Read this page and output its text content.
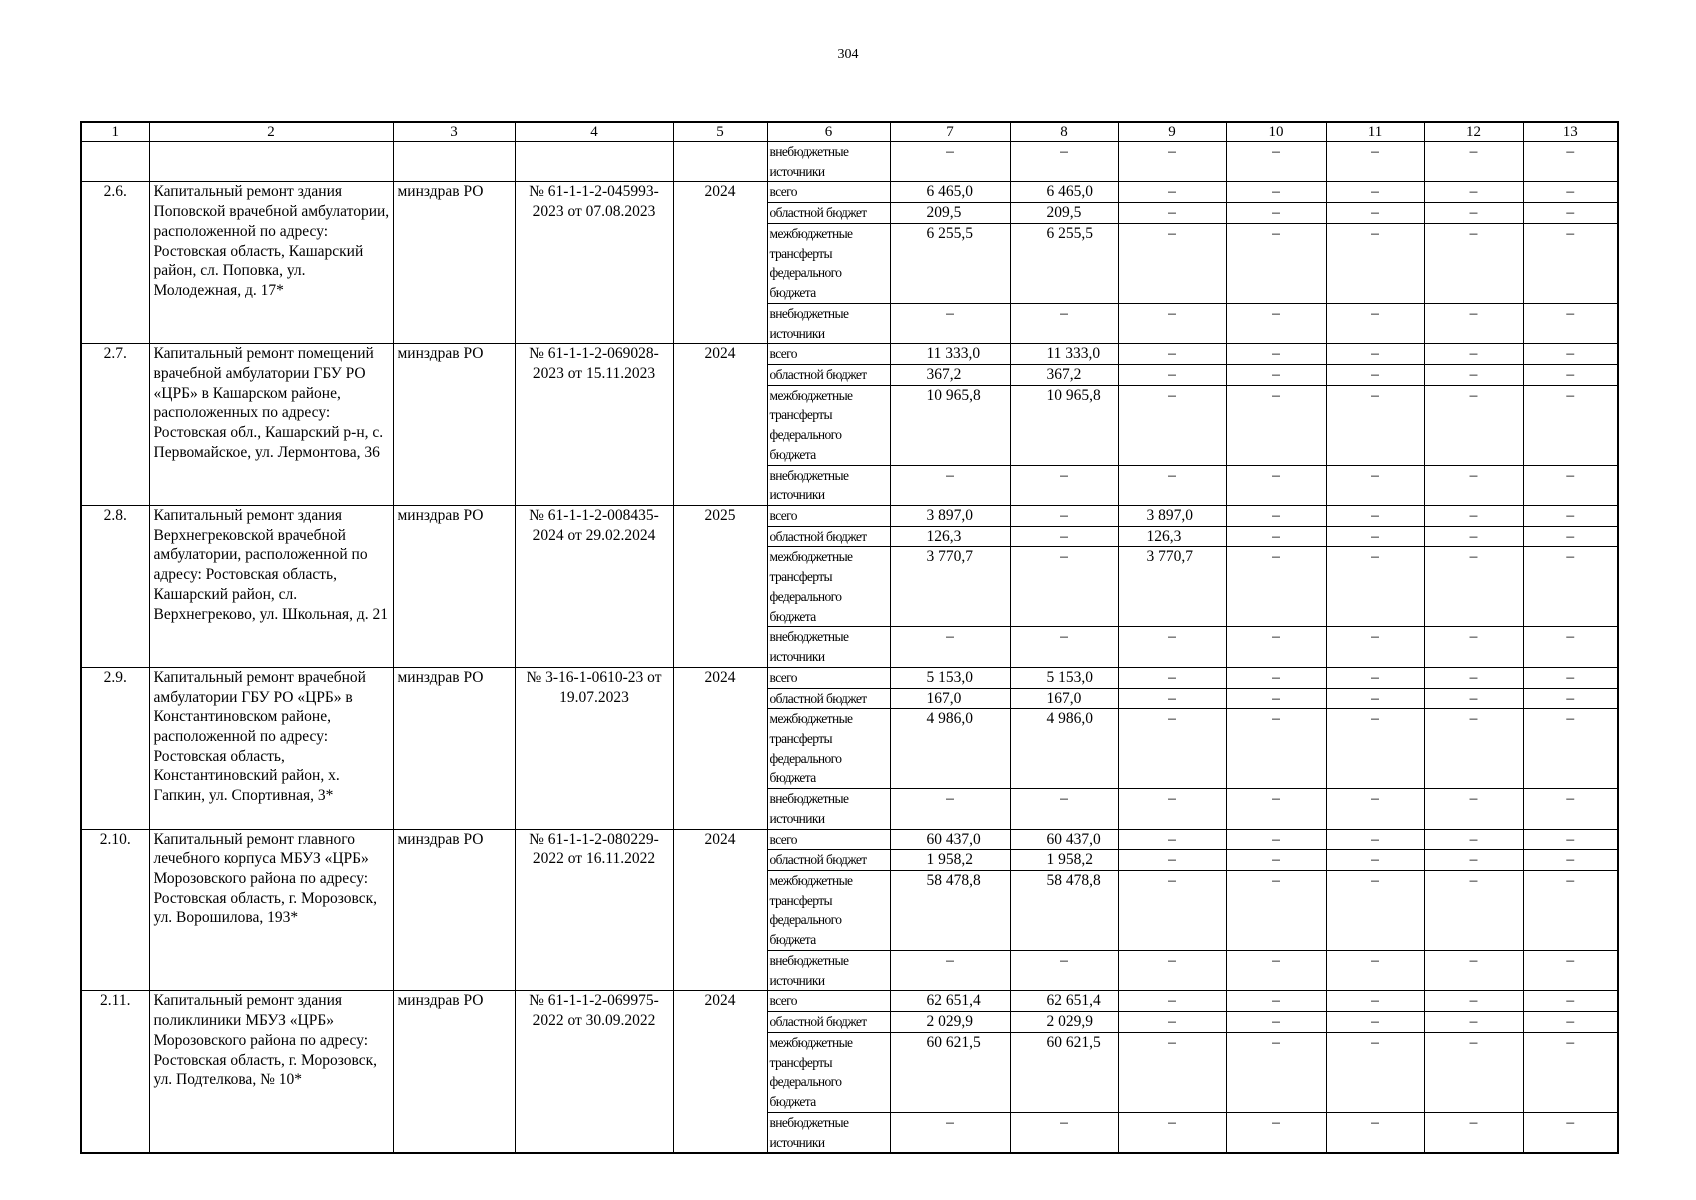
304
1	2	3	4	5	6	7	8	9	10	11	12	13
					внебюджетные источники	–	–	–	–	–	–	–
2.6.	Капитальный ремонт здания Поповской врачебной амбулатории, расположенной по адресу: Ростовская область, Кашарский район, сл. Поповка, ул. Молодежная, д. 17*	минздрав РО	№ 61-1-1-2-045993-2023 от 07.08.2023	2024	всего	6 465,0	6 465,0	–	–	–	–	–
					областной бюджет	209,5	209,5	–	–	–	–	–
					межбюджетные трансферты федерального бюджета	6 255,5	6 255,5	–	–	–	–	–
					внебюджетные источники	–	–	–	–	–	–	–
2.7.	Капитальный ремонт помещений врачебной амбулатории ГБУ РО «ЦРБ» в Кашарском районе, расположенных по адресу: Ростовская обл., Кашарский р-н, с. Первомайское, ул. Лермонтова, 36	минздрав РО	№ 61-1-1-2-069028-2023 от 15.11.2023	2024	всего	11 333,0	11 333,0	–	–	–	–	–
					областной бюджет	367,2	367,2	–	–	–	–	–
					межбюджетные трансферты федерального бюджета	10 965,8	10 965,8	–	–	–	–	–
					внебюджетные источники	–	–	–	–	–	–	–
2.8.	Капитальный ремонт здания Верхнегрековской врачебной амбулатории, расположенной по адресу: Ростовская область, Кашарский район, сл. Верхнегреково, ул. Школьная, д. 21	минздрав РО	№ 61-1-1-2-008435-2024 от 29.02.2024	2025	всего	3 897,0	–	3 897,0	–	–	–	–
					областной бюджет	126,3	–	126,3	–	–	–	–
					межбюджетные трансферты федерального бюджета	3 770,7	–	3 770,7	–	–	–	–
					внебюджетные источники	–	–	–	–	–	–	–
2.9.	Капитальный ремонт врачебной амбулатории ГБУ РО «ЦРБ» в Константиновском районе, расположенной по адресу: Ростовская область, Константиновский район, х. Гапкин, ул. Спортивная, 3*	минздрав РО	№ 3-16-1-0610-23 от 19.07.2023	2024	всего	5 153,0	5 153,0	–	–	–	–	–
					областной бюджет	167,0	167,0	–	–	–	–	–
					межбюджетные трансферты федерального бюджета	4 986,0	4 986,0	–	–	–	–	–
					внебюджетные источники	–	–	–	–	–	–	–
2.10.	Капитальный ремонт главного лечебного корпуса МБУЗ «ЦРБ» Морозовского района по адресу: Ростовская область, г. Морозовск, ул. Ворошилова, 193*	минздрав РО	№ 61-1-1-2-080229-2022 от 16.11.2022	2024	всего	60 437,0	60 437,0	–	–	–	–	–
					областной бюджет	1 958,2	1 958,2	–	–	–	–	–
					межбюджетные трансферты федерального бюджета	58 478,8	58 478,8	–	–	–	–	–
					внебюджетные источники	–	–	–	–	–	–	–
2.11.	Капитальный ремонт здания поликлиники МБУЗ «ЦРБ» Морозовского района по адресу: Ростовская область, г. Морозовск, ул. Подтелкова, № 10*	минздрав РО	№ 61-1-1-2-069975-2022 от 30.09.2022	2024	всего	62 651,4	62 651,4	–	–	–	–	–
					областной бюджет	2 029,9	2 029,9	–	–	–	–	–
					межбюджетные трансферты федерального бюджета	60 621,5	60 621,5	–	–	–	–	–
					внебюджетные источники	–	–	–	–	–	–	–
